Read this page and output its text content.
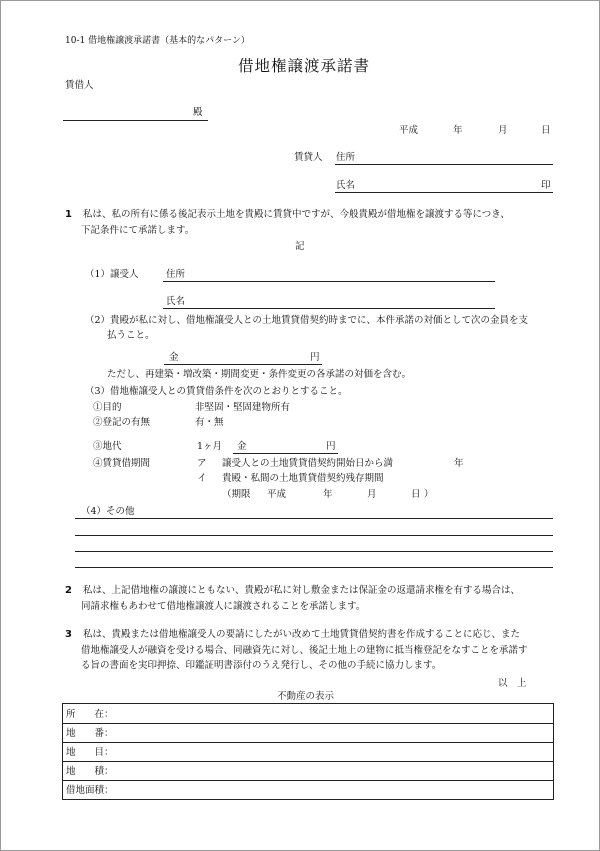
10-1 借地権譲渡承諾書（基本的なパターン）
借地権譲渡承諾書
賃借人
殿
平成	年	月	日
賃貸人 住所
氏名	印
1 私は、私の所有に係る後記表示土地を貴殿に賃貸中ですが、今般貴殿が借地権を譲渡する等につき、
下記条件にて承諾します。
記
（1）譲受人	住所
氏名
（2）貴殿が私に対し、借地権譲受人との土地賃貸借契約時までに、本件承諾の対価として次の金員を支
払うこと。
金	円
ただし、再建築・増改築・期間変更・条件変更の各承諾の対価を含む。
（3）借地権譲受人との賃貸借条件を次のとおりとすること。
①目的	非堅固・堅固建物所有
②登記の有無	有・無
③地代	1ヶ月 金	円
④賃貸借期間	ア 譲受人との土地賃貸借契約開始日から満	年
イ 貴殿・私間の土地賃貸借契約残存期間
（期限 平成	年	月	日 ）
（4）その他
2 私は、上記借地権の譲渡にともない、貴殿が私に対し敷金または保証金の返還請求権を有する場合は、
同請求権もあわせて借地権譲渡人に譲渡されることを承諾します。
3 私は、貴殿または借地権譲受人の要請にしたがい改めて土地賃貸借契約書を作成することに応じ、また
借地権譲受人が融資を受ける場合、同融資先に対し、後記土地上の建物に抵当権登記をなすことを承諾す
る旨の書面を実印押捺、印鑑証明書添付のうえ発行し、その他の手続に協力します。
以　上
不動産の表示
所　　在：
地　　番：
地　　目：
地　　積：
借地面積：
